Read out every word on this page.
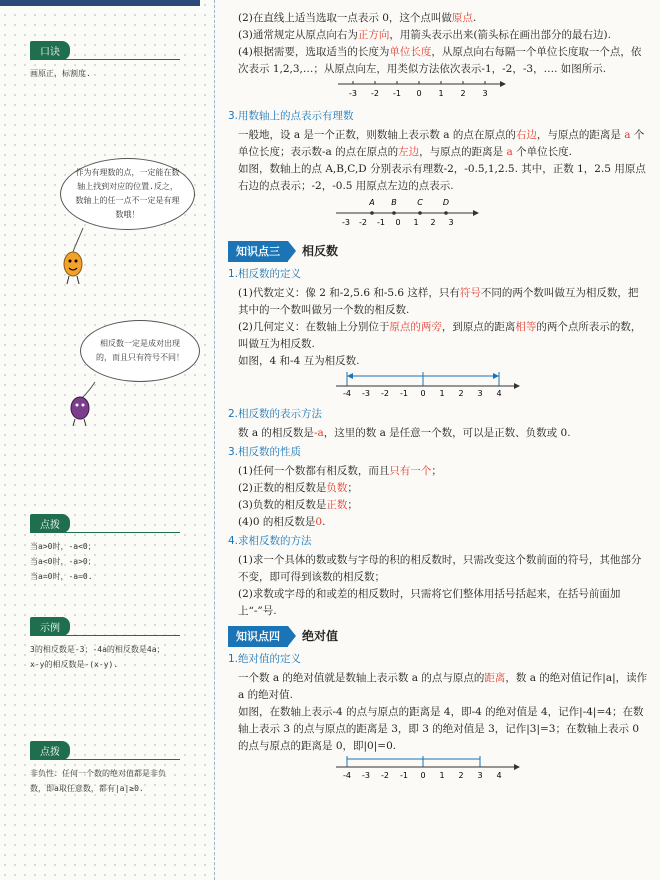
口诀
画原正，标割度.
作为有理数的点，一定能在数轴上找到对应的位置.反之，数轴上的任一点不一定是有理数哦！
相反数一定是成对出现的，而且只有符号不同！
点拨
当a>0时，-a<0；
当a<0时，-a>0；
当a=0时，-a=0.
示例
3的相反数是-3；-4a的相反数是4a；
x-y的相反数是-(x-y).
点拨
非负性：任何一个数的绝对值都是非负
数，即a取任意数，都有|a|≥0.

(2)在直线上适当选取一点表示 0，这个点叫做原点.

(3)通常规定从原点向右为正方向，用箭头表示出来(箭头标在画出部分的最右边).

(4)根据需要，选取适当的长度为单位长度，从原点向右每隔一个单位长度取一个点，依次表示 1,2,3,…；从原点向左，用类似方法依次表示-1，-2，-3，…. 如图所示.

-3 -2 -1 0 1 2 3
3.用数轴上的点表示有理数

一般地，设 a 是一个正数，则数轴上表示数 a 的点在原点的右边，与原点的距离是 a 个单位长度；表示数-a 的点在原点的左边，与原点的距离是 a 个单位长度.

如图，数轴上的点 A,B,C,D 分别表示有理数-2，-0.5,1,2.5. 其中，正数 1，2.5 用原点右边的点表示；-2，-0.5 用原点左边的点表示.

A B	C	D
-3 -2 -1 0 1 2 3
知识点三	相反数
1.相反数的定义

(1)代数定义：像 2 和-2,5.6 和-5.6 这样，只有符号不同的两个数叫做互为相反数，把其中的一个数叫做另一个数的相反数.

(2)几何定义：在数轴上分别位于原点的两旁，到原点的距离相等的两个点所表示的数，叫做互为相反数.

如图，4 和-4 互为相反数.

-4 -3 -2 -1 0 1 2 3 4
2.相反数的表示方法

数 a 的相反数是-a，这里的数 a 是任意一个数，可以是正数、负数或 0.

3.相反数的性质

(1)任何一个数都有相反数，而且只有一个；

(2)正数的相反数是负数；

(3)负数的相反数是正数；

(4)0 的相反数是0.

4.求相反数的方法

(1)求一个具体的数或数与字母的积的相反数时，只需改变这个数前面的符号，其他部分不变，即可得到该数的相反数；

(2)求数或字母的和或差的相反数时，只需将它们整体用括号括起来，在括号前面加上“-”号.

知识点四	绝对值
1.绝对值的定义

一个数 a 的绝对值就是数轴上表示数 a 的点与原点的距离，数 a 的绝对值记作|a|，读作 a 的绝对值.

如图，在数轴上表示-4 的点与原点的距离是 4，即-4 的绝对值是 4，记作|-4|=4；在数轴上表示 3 的点与原点的距离是 3，即 3 的绝对值是 3，记作|3|=3；在数轴上表示 0 的点与原点的距离是 0，即|0|=0.

-4 -3 -2 -1 0 1 2 3 4
